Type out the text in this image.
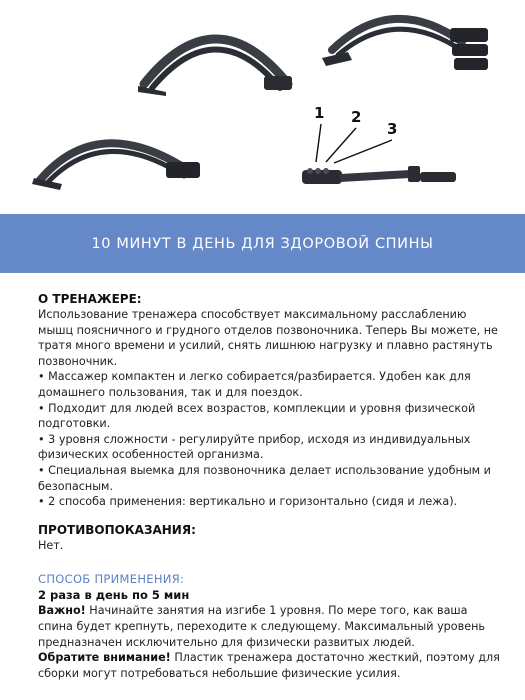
1 2
3
10 МИНУТ В ДЕНЬ ДЛЯ ЗДОРОВОЙ СПИНЫ
О ТРЕНАЖЕРЕ:
Использование тренажера способствует максимальному расслаблению мышц поясничного и грудного отделов позвоночника. Теперь Вы можете, не тратя много времени и усилий, снять лишнюю нагрузку и плавно растянуть позвоночник.
• Массажер компактен и легко собирается/разбирается. Удобен как для домашнего пользования, так и для поездок.
• Подходит для людей всех возрастов, комплекции и уровня физической подготовки.
• 3 уровня сложности - регулируйте прибор, исходя из индивидуальных физических особенностей организма.
• Специальная выемка для позвоночника делает использование удобным и безопасным.
• 2 способа применения: вертикально и горизонтально (сидя и лежа).
ПРОТИВОПОКАЗАНИЯ:
Нет.
СПОСОБ ПРИМЕНЕНИЯ:
2 раза в день по 5 мин
Важно! Начинайте занятия на изгибе 1 уровня. По мере того, как ваша спина будет крепнуть, переходите к следующему. Максимальный уровень предназначен исключительно для физически развитых людей.
Обратите внимание! Пластик тренажера достаточно жесткий, поэтому для сборки могут потребоваться небольшие физические усилия.
